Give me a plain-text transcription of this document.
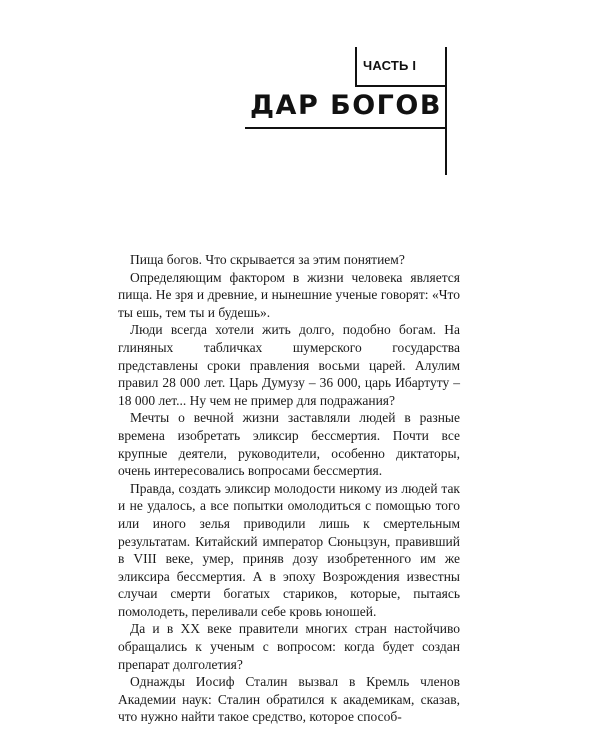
ЧАСТЬ I
ДАР БОГОВ

Пища богов. Что скрывается за этим понятием?

Определяющим фактором в жизни человека является пища. Не зря и древние, и нынешние ученые говорят: «Что ты ешь, тем ты и будешь».

Люди всегда хотели жить долго, подобно богам. На глиняных табличках шумерского государства представлены сроки правления восьми царей. Алулим правил 28 000 лет. Царь Думузу – 36 000, царь Ибартуту – 18 000 лет... Ну чем не пример для подражания?

Мечты о вечной жизни заставляли людей в разные времена изобретать эликсир бессмертия. Почти все крупные деятели, руководители, особенно диктаторы, очень интересовались вопросами бессмертия.

Правда, создать эликсир молодости никому из людей так и не удалось, а все попытки омолодиться с помощью того или иного зелья приводили лишь к смертельным результатам. Китайский император Сюньцзун, правивший в VIII веке, умер, приняв дозу изобретенного им же эликсира бессмертия. А в эпоху Возрождения известны случаи смерти богатых стариков, которые, пытаясь помолодеть, переливали себе кровь юношей.

Да и в XX веке правители многих стран настойчиво обращались к ученым с вопросом: когда будет создан препарат долголетия?

Однажды Иосиф Сталин вызвал в Кремль членов Академии наук: Сталин обратился к академикам, сказав, что нужно найти такое средство, которое способ-
